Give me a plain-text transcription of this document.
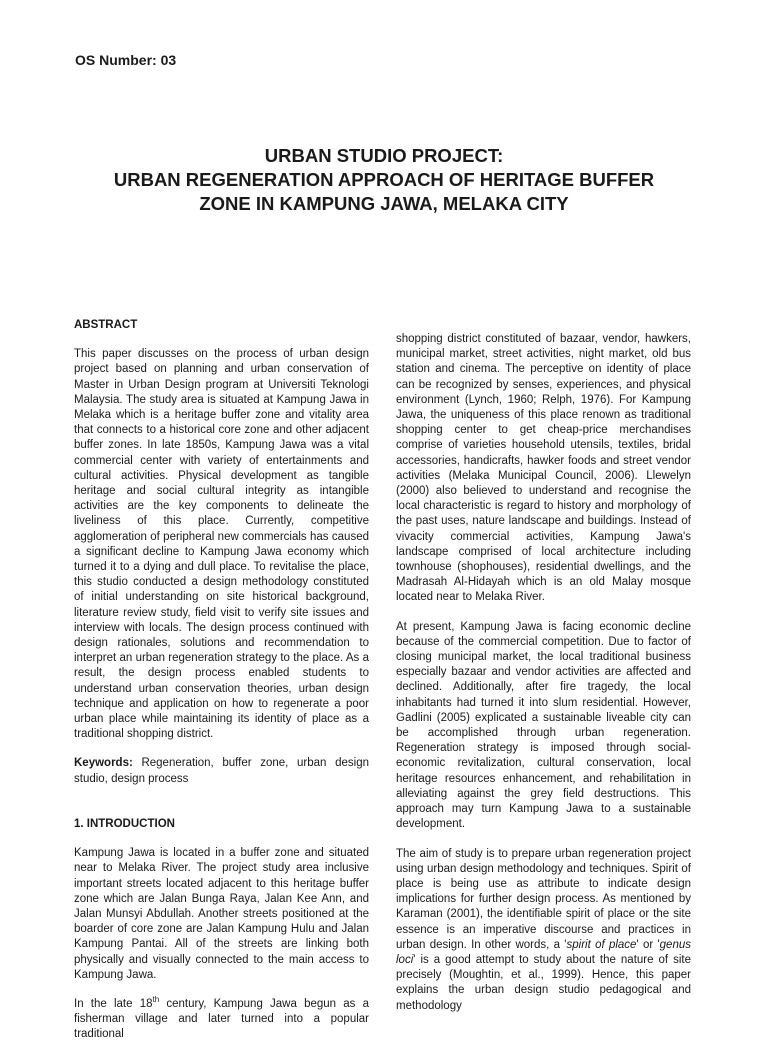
OS Number: 03
URBAN STUDIO PROJECT:
URBAN REGENERATION APPROACH OF HERITAGE BUFFER
ZONE IN KAMPUNG JAWA, MELAKA CITY

ABSTRACT

This paper discusses on the process of urban design project based on planning and urban conservation of Master in Urban Design program at Universiti Teknologi Malaysia. The study area is situated at Kampung Jawa in Melaka which is a heritage buffer zone and vitality area that connects to a historical core zone and other adjacent buffer zones. In late 1850s, Kampung Jawa was a vital commercial center with variety of entertainments and cultural activities. Physical development as tangible heritage and social cultural integrity as intangible activities are the key components to delineate the liveliness of this place. Currently, competitive agglomeration of peripheral new commercials has caused a significant decline to Kampung Jawa economy which turned it to a dying and dull place. To revitalise the place, this studio conducted a design methodology constituted of initial understanding on site historical background, literature review study, field visit to verify site issues and interview with locals. The design process continued with design rationales, solutions and recommendation to interpret an urban regeneration strategy to the place. As a result, the design process enabled students to understand urban conservation theories, urban design technique and application on how to regenerate a poor urban place while maintaining its identity of place as a traditional shopping district.

Keywords: Regeneration, buffer zone, urban design studio, design process

1. INTRODUCTION

Kampung Jawa is located in a buffer zone and situated near to Melaka River. The project study area inclusive important streets located adjacent to this heritage buffer zone which are Jalan Bunga Raya, Jalan Kee Ann, and Jalan Munsyi Abdullah. Another streets positioned at the boarder of core zone are Jalan Kampung Hulu and Jalan Kampung Pantai. All of the streets are linking both physically and visually connected to the main access to Kampung Jawa.

In the late 18th century, Kampung Jawa begun as a fisherman village and later turned into a popular traditional

shopping district constituted of bazaar, vendor, hawkers, municipal market, street activities, night market, old bus station and cinema. The perceptive on identity of place can be recognized by senses, experiences, and physical environment (Lynch, 1960; Relph, 1976). For Kampung Jawa, the uniqueness of this place renown as traditional shopping center to get cheap-price merchandises comprise of varieties household utensils, textiles, bridal accessories, handicrafts, hawker foods and street vendor activities (Melaka Municipal Council, 2006). Llewelyn (2000) also believed to understand and recognise the local characteristic is regard to history and morphology of the past uses, nature landscape and buildings. Instead of vivacity commercial activities, Kampung Jawa's landscape comprised of local architecture including townhouse (shophouses), residential dwellings, and the Madrasah Al-Hidayah which is an old Malay mosque located near to Melaka River.

At present, Kampung Jawa is facing economic decline because of the commercial competition. Due to factor of closing municipal market, the local traditional business especially bazaar and vendor activities are affected and declined. Additionally, after fire tragedy, the local inhabitants had turned it into slum residential. However, Gadlini (2005) explicated a sustainable liveable city can be accomplished through urban regeneration. Regeneration strategy is imposed through social-economic revitalization, cultural conservation, local heritage resources enhancement, and rehabilitation in alleviating against the grey field destructions. This approach may turn Kampung Jawa to a sustainable development.

The aim of study is to prepare urban regeneration project using urban design methodology and techniques. Spirit of place is being use as attribute to indicate design implications for further design process. As mentioned by Karaman (2001), the identifiable spirit of place or the site essence is an imperative discourse and practices in urban design. In other words, a 'spirit of place' or 'genus loci' is a good attempt to study about the nature of site precisely (Moughtin, et al., 1999). Hence, this paper explains the urban design studio pedagogical and methodology
